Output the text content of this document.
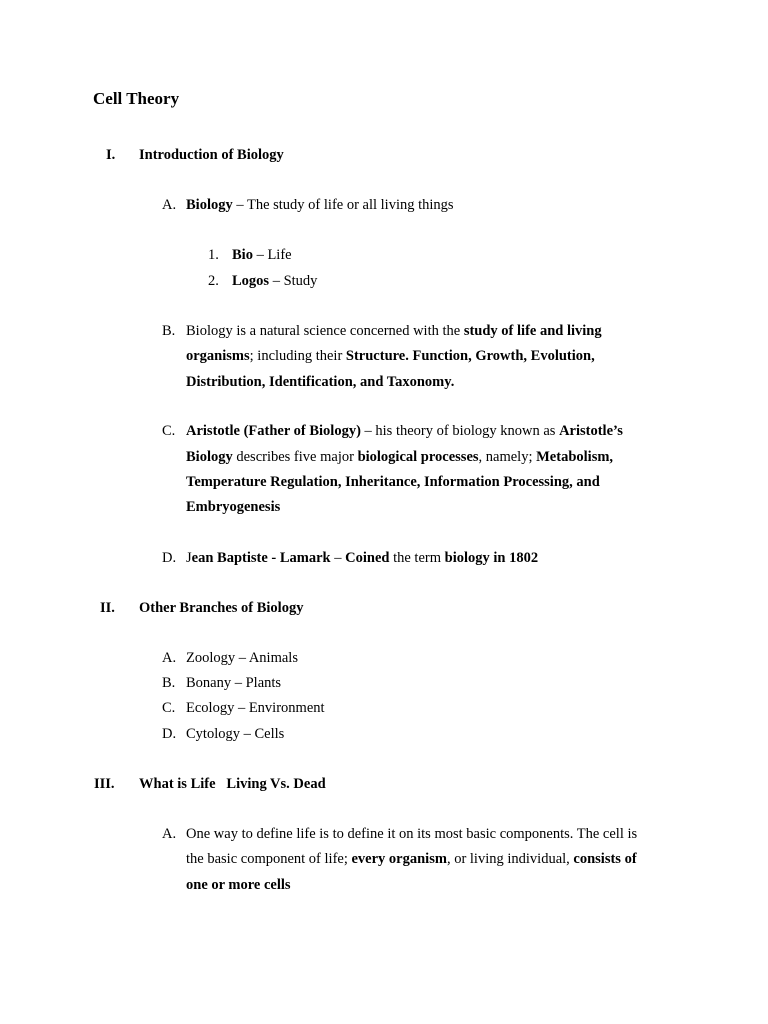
Cell Theory
I. Introduction of Biology
A. Biology – The study of life or all living things
1. Bio – Life
2. Logos – Study
B. Biology is a natural science concerned with the study of life and living
organisms; including their Structure. Function, Growth, Evolution,
Distribution, Identification, and Taxonomy.
C. Aristotle (Father of Biology) – his theory of biology known as Aristotle’s
Biology describes five major biological processes, namely; Metabolism,
Temperature Regulation, Inheritance, Information Processing, and
Embryogenesis
D. Jean Baptiste - Lamark – Coined the term biology in 1802
II. Other Branches of Biology
A. Zoology – Animals
B. Bonany – Plants
C. Ecology – Environment
D. Cytology – Cells
III. What is Life   Living Vs. Dead
A. One way to define life is to define it on its most basic components. The cell is
the basic component of life; every organism, or living individual, consists of
one or more cells
